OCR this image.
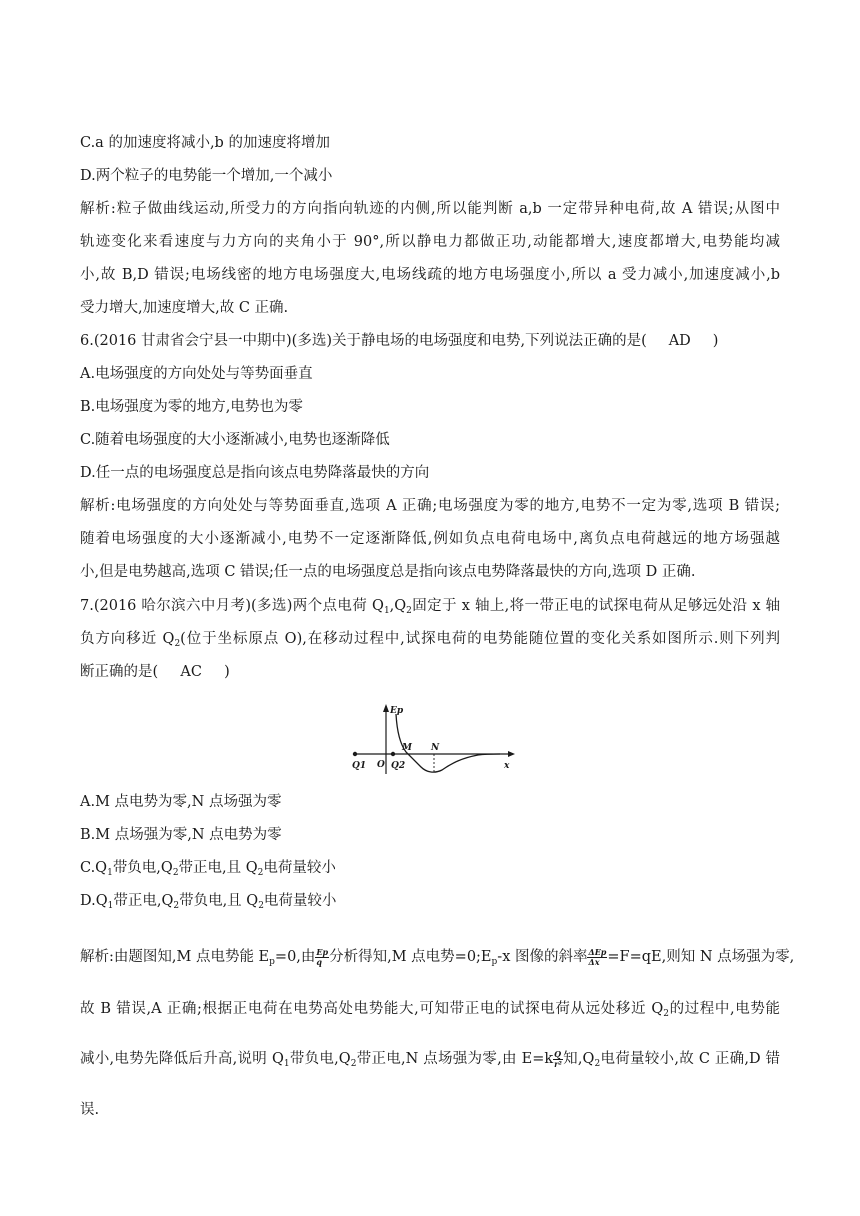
C.a 的加速度将减小,b 的加速度将增加
D.两个粒子的电势能一个增加,一个减小
解析:粒子做曲线运动,所受力的方向指向轨迹的内侧,所以能判断 a,b 一定带异种电荷,故 A 错误;从图中
轨迹变化来看速度与力方向的夹角小于 90°,所以静电力都做正功,动能都增大,速度都增大,电势能均减
小,故 B,D 错误;电场线密的地方电场强度大,电场线疏的地方电场强度小,所以 a 受力减小,加速度减小,b
受力增大,加速度增大,故 C 正确.
6.(2016 甘肃省会宁县一中期中)(多选)关于静电场的电场强度和电势,下列说法正确的是( AD )
A.电场强度的方向处处与等势面垂直
B.电场强度为零的地方,电势也为零
C.随着电场强度的大小逐渐减小,电势也逐渐降低
D.任一点的电场强度总是指向该点电势降落最快的方向
解析:电场强度的方向处处与等势面垂直,选项 A 正确;电场强度为零的地方,电势不一定为零,选项 B 错误;
随着电场强度的大小逐渐减小,电势不一定逐渐降低,例如负点电荷电场中,离负点电荷越远的地方场强越
小,但是电势越高,选项 C 错误;任一点的电场强度总是指向该点电势降落最快的方向,选项 D 正确.
7.(2016 哈尔滨六中月考)(多选)两个点电荷 $Q_1,Q_2$固定于 x 轴上,将一带正电的试探电荷从足够远处沿 x 轴
负方向移近 $Q_2$(位于坐标原点 O),在移动过程中,试探电荷的电势能随位置的变化关系如图所示.则下列判
断正确的是( AC )
Ep
x
Q1 O Q2
M N
A.M 点电势为零,N 点场强为零
B.M 点场强为零,N 点电势为零
$C.Q_1$带负电$,Q_2$带正电,且 $Q_2$电荷量较小
$D.Q_1$带正电$,Q_2$带负电,且 $Q_2$电荷量较小
解析:由题图知,M 点电势能 $E_p=0$,由 $\frac{Ep}{q}$ 分析得知,M 点电势$=0;E_p-x$ 图像的斜率 $\frac{\text{ΔEp}}{\Delta x} =F=qE$,则知 N 点场强为零,
故 B 错误,A 正确;根据正电荷在电势高处电势能大,可知带正电的试探电荷从远处移近 $Q_2$的过程中,电势能
减小,电势先降低后升高,说明 $Q_1$带负电$,Q_2$带正电,N 点场强为零,由 $E=k \frac{Q}{\text{r²}}$ 知$,Q_2$电荷量较小,故 C 正确,D 错
误.
